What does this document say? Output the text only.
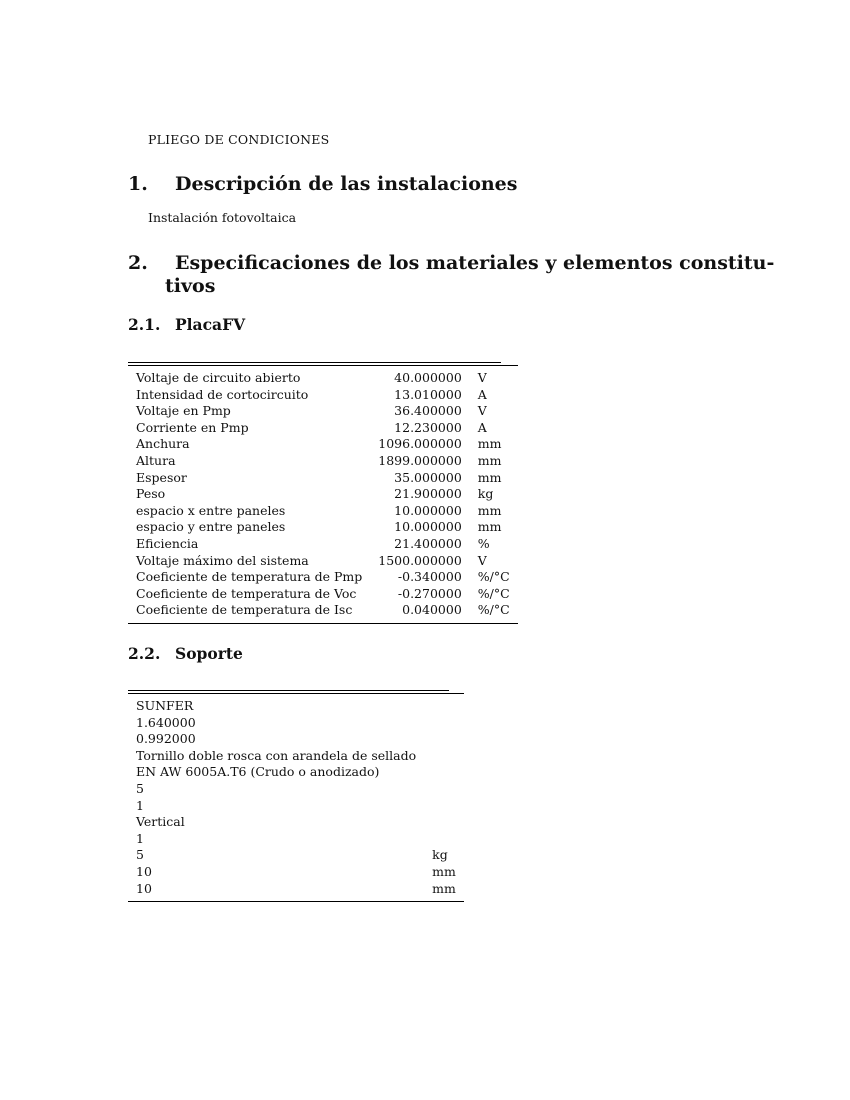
PLIEGO DE CONDICIONES
1. Descripción de las instalaciones
Instalación fotovoltaica
2. Especificaciones de los materiales y elementos constitu-
tivos
2.1. PlacaFV

Voltaje de circuito abierto	40.000000	V
Intensidad de cortocircuito	13.010000	A
Voltaje en Pmp	36.400000	V
Corriente en Pmp	12.230000	A
Anchura	1096.000000	mm
Altura	1899.000000	mm
Espesor	35.000000	mm
Peso	21.900000	kg
espacio x entre paneles	10.000000	mm
espacio y entre paneles	10.000000	mm
Eficiencia	21.400000	%
Voltaje máximo del sistema	1500.000000	V
Coeficiente de temperatura de Pmp	-0.340000	%/°C
Coeficiente de temperatura de Voc	-0.270000	%/°C
Coeficiente de temperatura de Isc	0.040000	%/°C

2.2. Soporte

SUNFER	
1.640000	
0.992000	
Tornillo doble rosca con arandela de sellado	
EN AW 6005A.T6 (Crudo o anodizado)	
5	
1	
Vertical	
1	
5	kg
10	mm
10	mm
